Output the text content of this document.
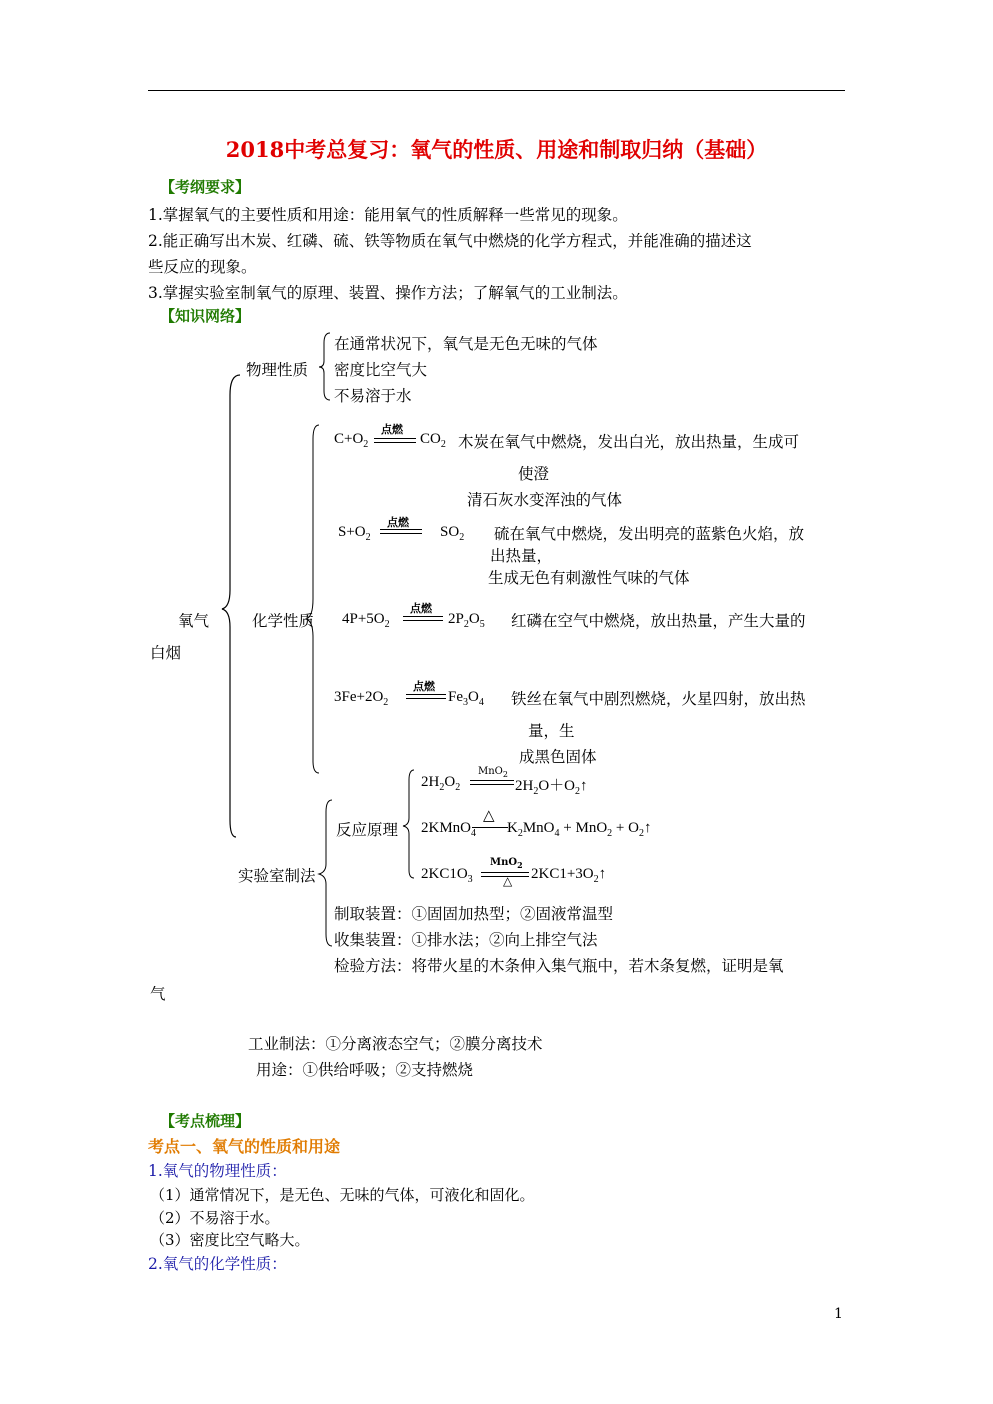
2018中考总复习：氧气的性质、用途和制取归纳（基础）
【考纲要求】
1.掌握氧气的主要性质和用途：能用氧气的性质解释一些常见的现象。
2.能正确写出木炭、红磷、硫、铁等物质在氧气中燃烧的化学方程式，并能准确的描述这
些反应的现象。
3.掌握实验室制氧气的原理、装置、操作方法；了解氧气的工业制法。
【知识网络】
氧气
白烟
物理性质
在通常状况下，氧气是无色无味的气体
密度比空气大
不易溶于水
化学性质
$C+O_2$
点燃
$CO_2$ 木炭在氧气中燃烧，发出白光，放出热量，生成可
使澄
清石灰水变浑浊的气体
$S+O_2$
点燃
$SO_2$ 硫在氧气中燃烧，发出明亮的蓝紫色火焰，放
出热量，
生成无色有刺激性气味的气体
$4P+5O_2$
点燃
$2P_2O_5$ 红磷在空气中燃烧，放出热量，产生大量的
$3Fe+2O_2$
点燃
$Fe_3O_4$ 铁丝在氧气中剧烈燃烧，火星四射，放出热
量，生
成黑色固体
实验室制法
反应原理
$2H_2O_2$
MnO$_2$
$2H_2O+O_2↑$
2KMnO$_4$
△
$K_2MnO_4 + MnO_2$ + $O_2↑$
$2KC1O_3$
MnO$_2$
△ $2KC1+3O_2↑$
制取装置：①固固加热型；②固液常温型
收集装置：①排水法；②向上排空气法
检验方法：将带火星的木条伸入集气瓶中，若木条复燃，证明是氧
气
工业制法：①分离液态空气；②膜分离技术
用途：①供给呼吸；②支持燃烧
【考点梳理】
考点一、氧气的性质和用途
1.氧气的物理性质：
（1）通常情况下，是无色、无味的气体，可液化和固化。
（2）不易溶于水。
（3）密度比空气略大。
2.氧气的化学性质：
1
